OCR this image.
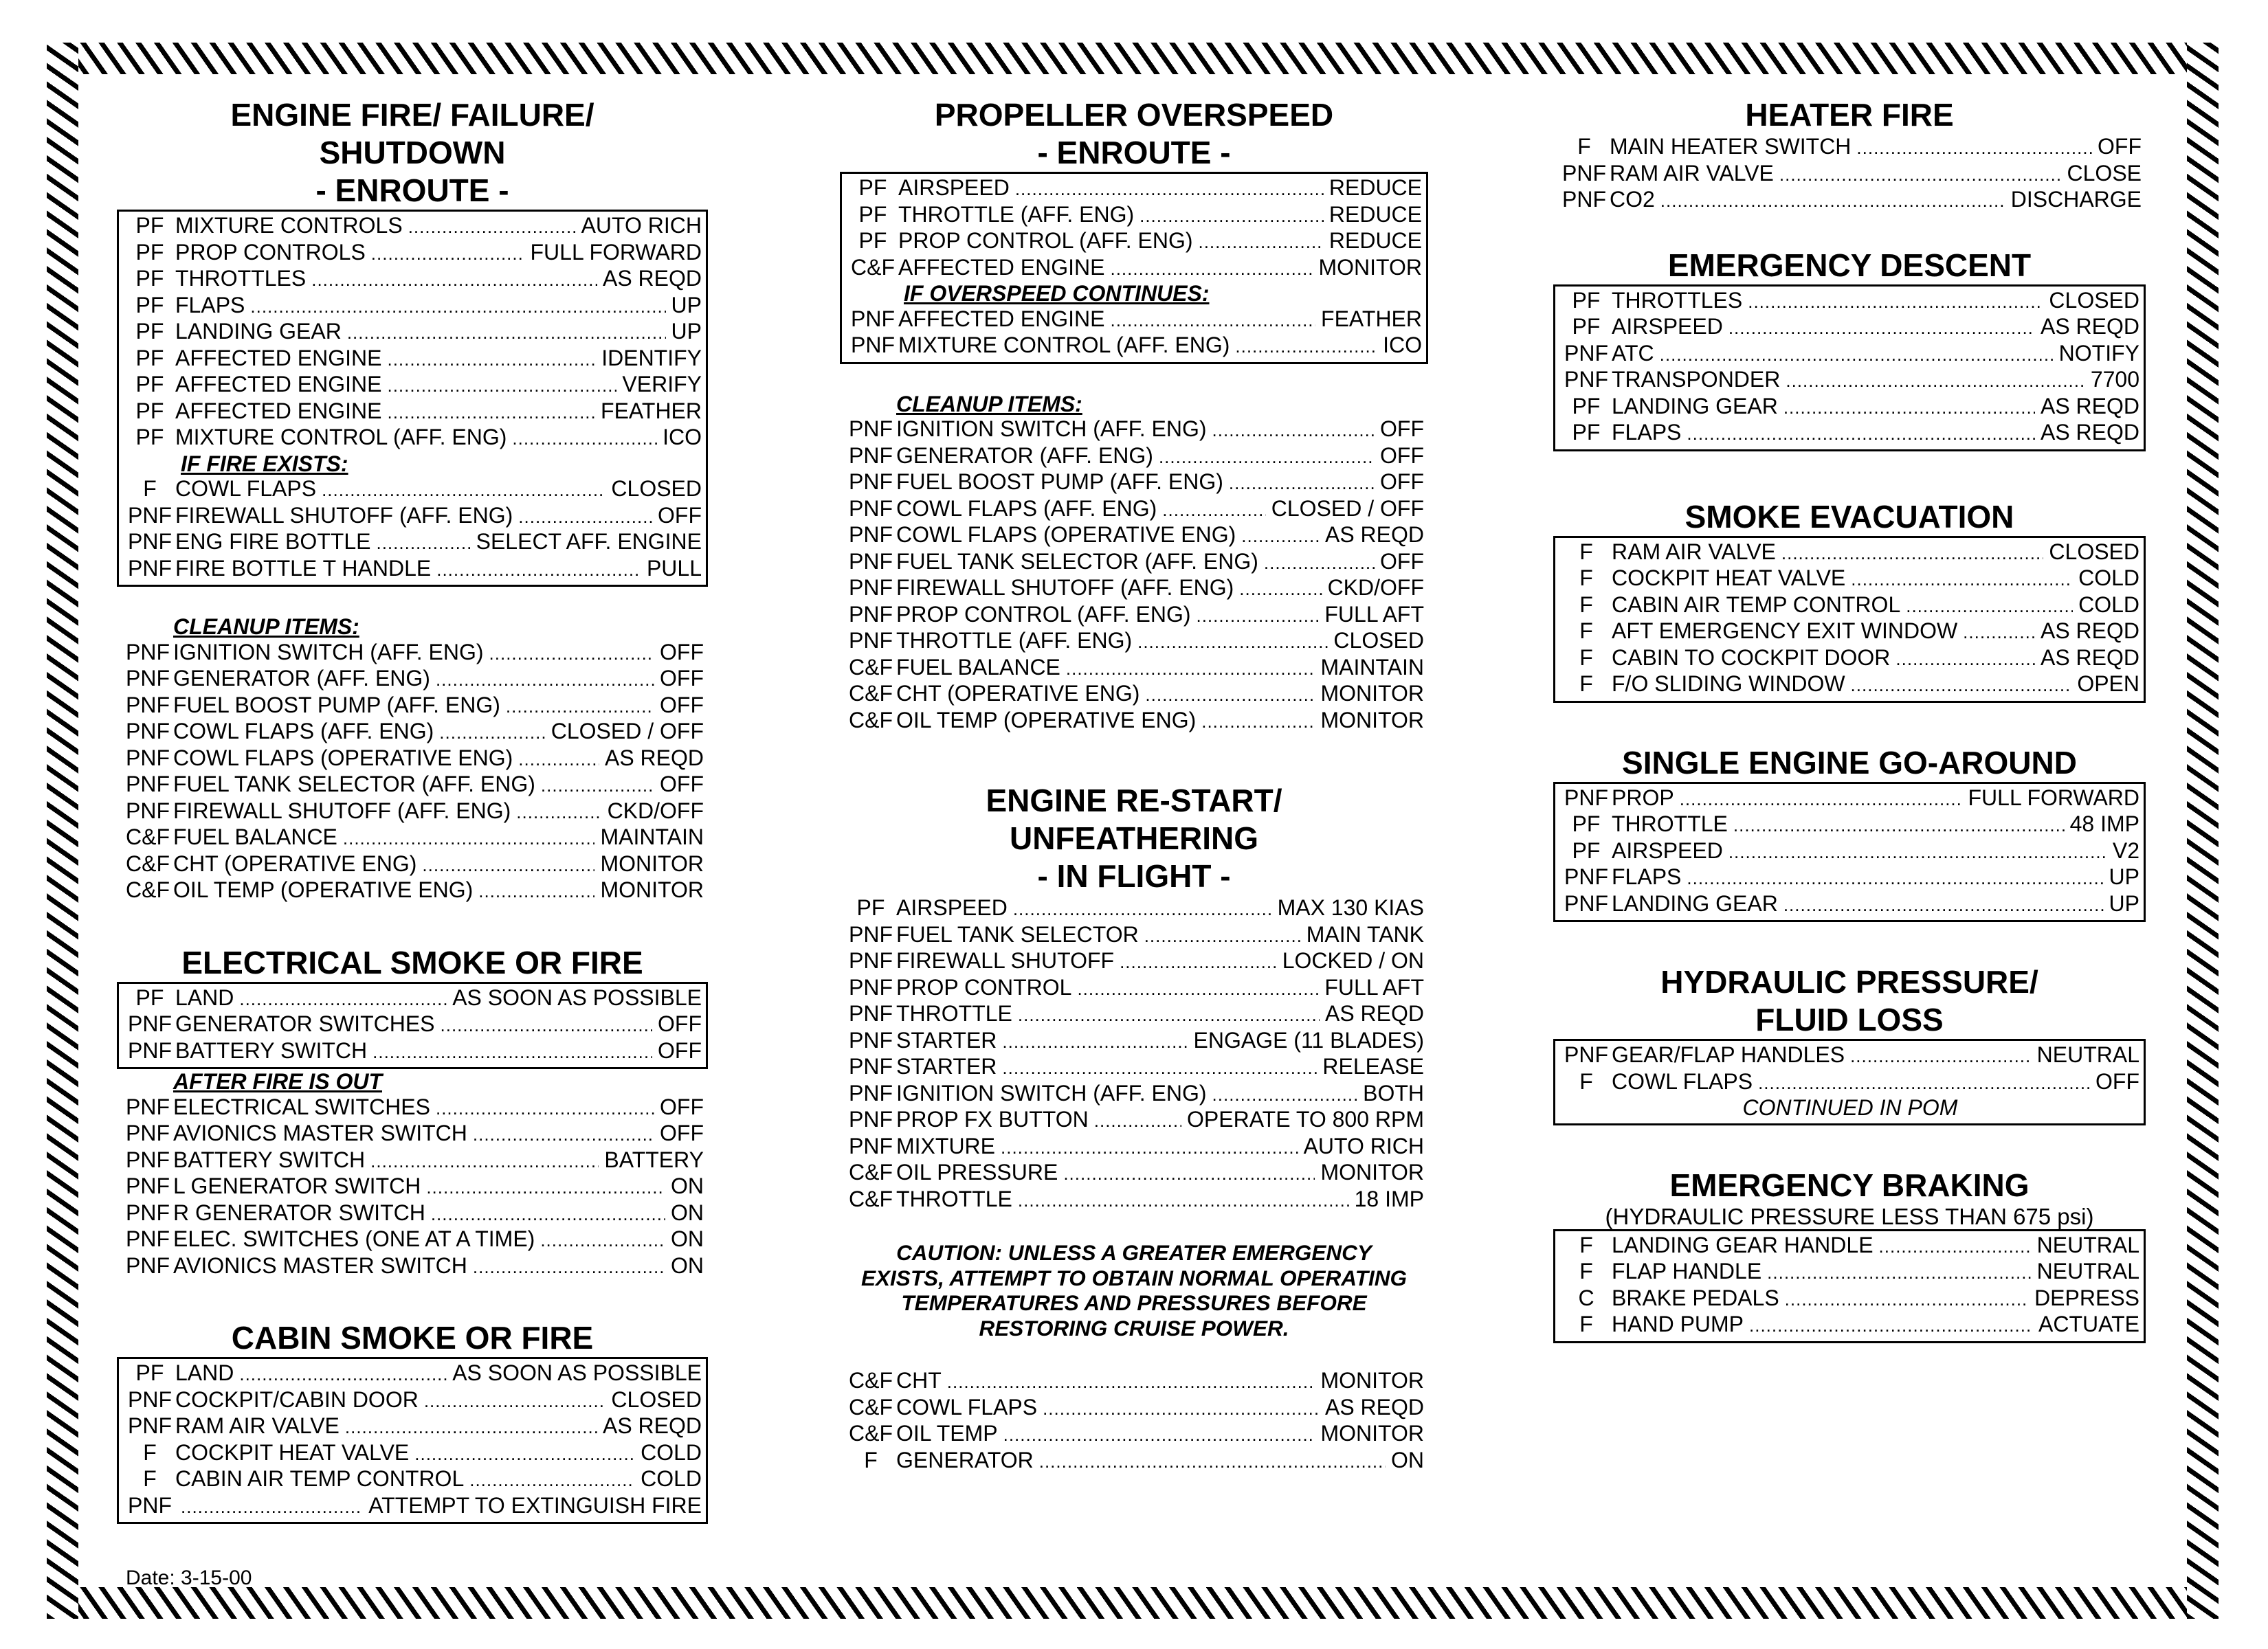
ENGINE FIRE/ FAILURE/
SHUTDOWN
- ENROUTE -
PF MIXTURE CONTROLS .....	AUTO RICH
PF PROP CONTROLS .....	FULL FORWARD
PF THROTTLES .....	AS REQD
PF FLAPS .....	UP
PF LANDING GEAR .....	UP
PF AFFECTED ENGINE .....	IDENTIFY
PF AFFECTED ENGINE .....	VERIFY
PF AFFECTED ENGINE .....	FEATHER
PF MIXTURE CONTROL (AFF. ENG) .....	ICO
IF FIRE EXISTS:
F COWL FLAPS .....	CLOSED
PNF FIREWALL SHUTOFF (AFF. ENG) .....	OFF
PNF ENG FIRE BOTTLE .....	SELECT AFF. ENGINE
PNF FIRE BOTTLE T HANDLE .....	PULL
CLEANUP ITEMS:
PNF IGNITION SWITCH (AFF. ENG) .....	OFF
PNF GENERATOR (AFF. ENG) .....	OFF
PNF FUEL BOOST PUMP (AFF. ENG) .....	OFF
PNF COWL FLAPS (AFF. ENG) .....	CLOSED / OFF
PNF COWL FLAPS (OPERATIVE ENG) .....	AS REQD
PNF FUEL TANK SELECTOR (AFF. ENG) .....	OFF
PNF FIREWALL SHUTOFF (AFF. ENG) .....	CKD/OFF
C&F FUEL BALANCE .....	MAINTAIN
C&F CHT (OPERATIVE ENG) .....	MONITOR
C&F OIL TEMP (OPERATIVE ENG) .....	MONITOR
ELECTRICAL SMOKE OR FIRE
PF LAND .....	AS SOON AS POSSIBLE
PNF GENERATOR SWITCHES .....	OFF
PNF BATTERY SWITCH .....	OFF
AFTER FIRE IS OUT
PNF ELECTRICAL SWITCHES .....	OFF
PNF AVIONICS MASTER SWITCH .....	OFF
PNF BATTERY SWITCH .....	BATTERY
PNF L GENERATOR SWITCH .....	ON
PNF R GENERATOR SWITCH .....	ON
PNF ELEC. SWITCHES (ONE AT A TIME) .....	ON
PNF AVIONICS MASTER SWITCH .....	ON
CABIN SMOKE OR FIRE
PF LAND .....	AS SOON AS POSSIBLE
PNF COCKPIT/CABIN DOOR .....	CLOSED
PNF RAM AIR VALVE .....	AS REQD
F COCKPIT HEAT VALVE .....	COLD
F CABIN AIR TEMP CONTROL .....	COLD
PNF .....	ATTEMPT TO EXTINGUISH FIRE
PROPELLER OVERSPEED
- ENROUTE -
PF AIRSPEED .....	REDUCE
PF THROTTLE (AFF. ENG) .....	REDUCE
PF PROP CONTROL (AFF. ENG) .....	REDUCE
C&F AFFECTED ENGINE .....	MONITOR
IF OVERSPEED CONTINUES:
PNF AFFECTED ENGINE .....	FEATHER
PNF MIXTURE CONTROL (AFF. ENG) .....	ICO
CLEANUP ITEMS:
PNF IGNITION SWITCH (AFF. ENG) .....	OFF
PNF GENERATOR (AFF. ENG) .....	OFF
PNF FUEL BOOST PUMP (AFF. ENG) .....	OFF
PNF COWL FLAPS (AFF. ENG) .....	CLOSED / OFF
PNF COWL FLAPS (OPERATIVE ENG) .....	AS REQD
PNF FUEL TANK SELECTOR (AFF. ENG) .....	OFF
PNF FIREWALL SHUTOFF (AFF. ENG) .....	CKD/OFF
PNF PROP CONTROL (AFF. ENG) .....	FULL AFT
PNF THROTTLE (AFF. ENG) .....	CLOSED
C&F FUEL BALANCE .....	MAINTAIN
C&F CHT (OPERATIVE ENG) .....	MONITOR
C&F OIL TEMP (OPERATIVE ENG) .....	MONITOR
ENGINE RE-START/
UNFEATHERING
- IN FLIGHT -
PF AIRSPEED .....	MAX 130 KIAS
PNF FUEL TANK SELECTOR .....	MAIN TANK
PNF FIREWALL SHUTOFF .....	LOCKED / ON
PNF PROP CONTROL .....	FULL AFT
PNF THROTTLE .....	AS REQD
PNF STARTER .....	ENGAGE (11 BLADES)
PNF STARTER .....	RELEASE
PNF IGNITION SWITCH (AFF. ENG) .....	BOTH
PNF PROP FX BUTTON .....	OPERATE TO 800 RPM
PNF MIXTURE .....	AUTO RICH
C&F OIL PRESSURE .....	MONITOR
C&F THROTTLE .....	18 IMP
CAUTION: UNLESS A GREATER EMERGENCY
EXISTS, ATTEMPT TO OBTAIN NORMAL OPERATING
TEMPERATURES AND PRESSURES BEFORE
RESTORING CRUISE POWER.
C&F CHT .....	MONITOR
C&F COWL FLAPS .....	AS REQD
C&F OIL TEMP .....	MONITOR
F GENERATOR .....	ON
HEATER FIRE
F MAIN HEATER SWITCH .....	OFF
PNF RAM AIR VALVE .....	CLOSE
PNF CO2 .....	DISCHARGE
EMERGENCY DESCENT
PF THROTTLES .....	CLOSED
PF AIRSPEED .....	AS REQD
PNF ATC .....	NOTIFY
PNF TRANSPONDER .....	7700
PF LANDING GEAR .....	AS REQD
PF FLAPS .....	AS REQD
SMOKE EVACUATION
F RAM AIR VALVE .....	CLOSED
F COCKPIT HEAT VALVE .....	COLD
F CABIN AIR TEMP CONTROL .....	COLD
F AFT EMERGENCY EXIT WINDOW .....	AS REQD
F CABIN TO COCKPIT DOOR .....	AS REQD
F F/O SLIDING WINDOW .....	OPEN
SINGLE ENGINE GO-AROUND
PNF PROP .....	FULL FORWARD
PF THROTTLE .....	48 IMP
PF AIRSPEED .....	V2
PNF FLAPS .....	UP
PNF LANDING GEAR .....	UP
HYDRAULIC PRESSURE/
FLUID LOSS
PNF GEAR/FLAP HANDLES .....	NEUTRAL
F COWL FLAPS .....	OFF
CONTINUED IN POM
EMERGENCY BRAKING
(HYDRAULIC PRESSURE LESS THAN 675 psi)
F LANDING GEAR HANDLE .....	NEUTRAL
F FLAP HANDLE .....	NEUTRAL
C BRAKE PEDALS .....	DEPRESS
F HAND PUMP .....	ACTUATE
Date: 3-15-00
